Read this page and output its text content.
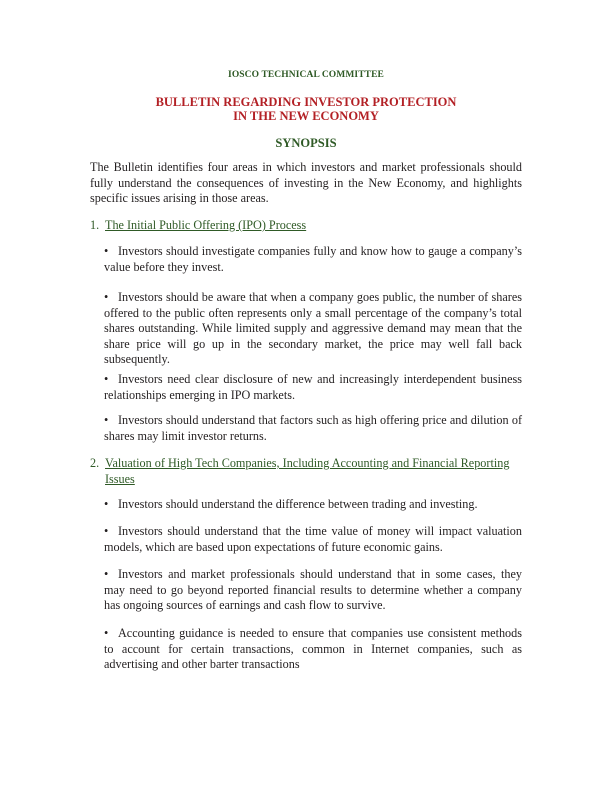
IOSCO TECHNICAL COMMITTEE
BULLETIN REGARDING INVESTOR PROTECTION
IN THE NEW ECONOMY
SYNOPSIS
The Bulletin identifies four areas in which investors and market professionals should fully understand the consequences of investing in the New Economy, and highlights specific issues arising in those areas.
1. The Initial Public Offering (IPO) Process
• Investors should investigate companies fully and know how to gauge a company’s value before they invest.
• Investors should be aware that when a company goes public, the number of shares offered to the public often represents only a small percentage of the company’s total shares outstanding. While limited supply and aggressive demand may mean that the share price will go up in the secondary market, the price may well fall back subsequently.
• Investors need clear disclosure of new and increasingly interdependent business relationships emerging in IPO markets.
• Investors should understand that factors such as high offering price and dilution of shares may limit investor returns.
2. Valuation of High Tech Companies, Including Accounting and Financial Reporting Issues
• Investors should understand the difference between trading and investing.
• Investors should understand that the time value of money will impact valuation models, which are based upon expectations of future economic gains.
• Investors and market professionals should understand that in some cases, they may need to go beyond reported financial results to determine whether a company has ongoing sources of earnings and cash flow to survive.
• Accounting guidance is needed to ensure that companies use consistent methods to account for certain transactions, common in Internet companies, such as advertising and other barter transactions
